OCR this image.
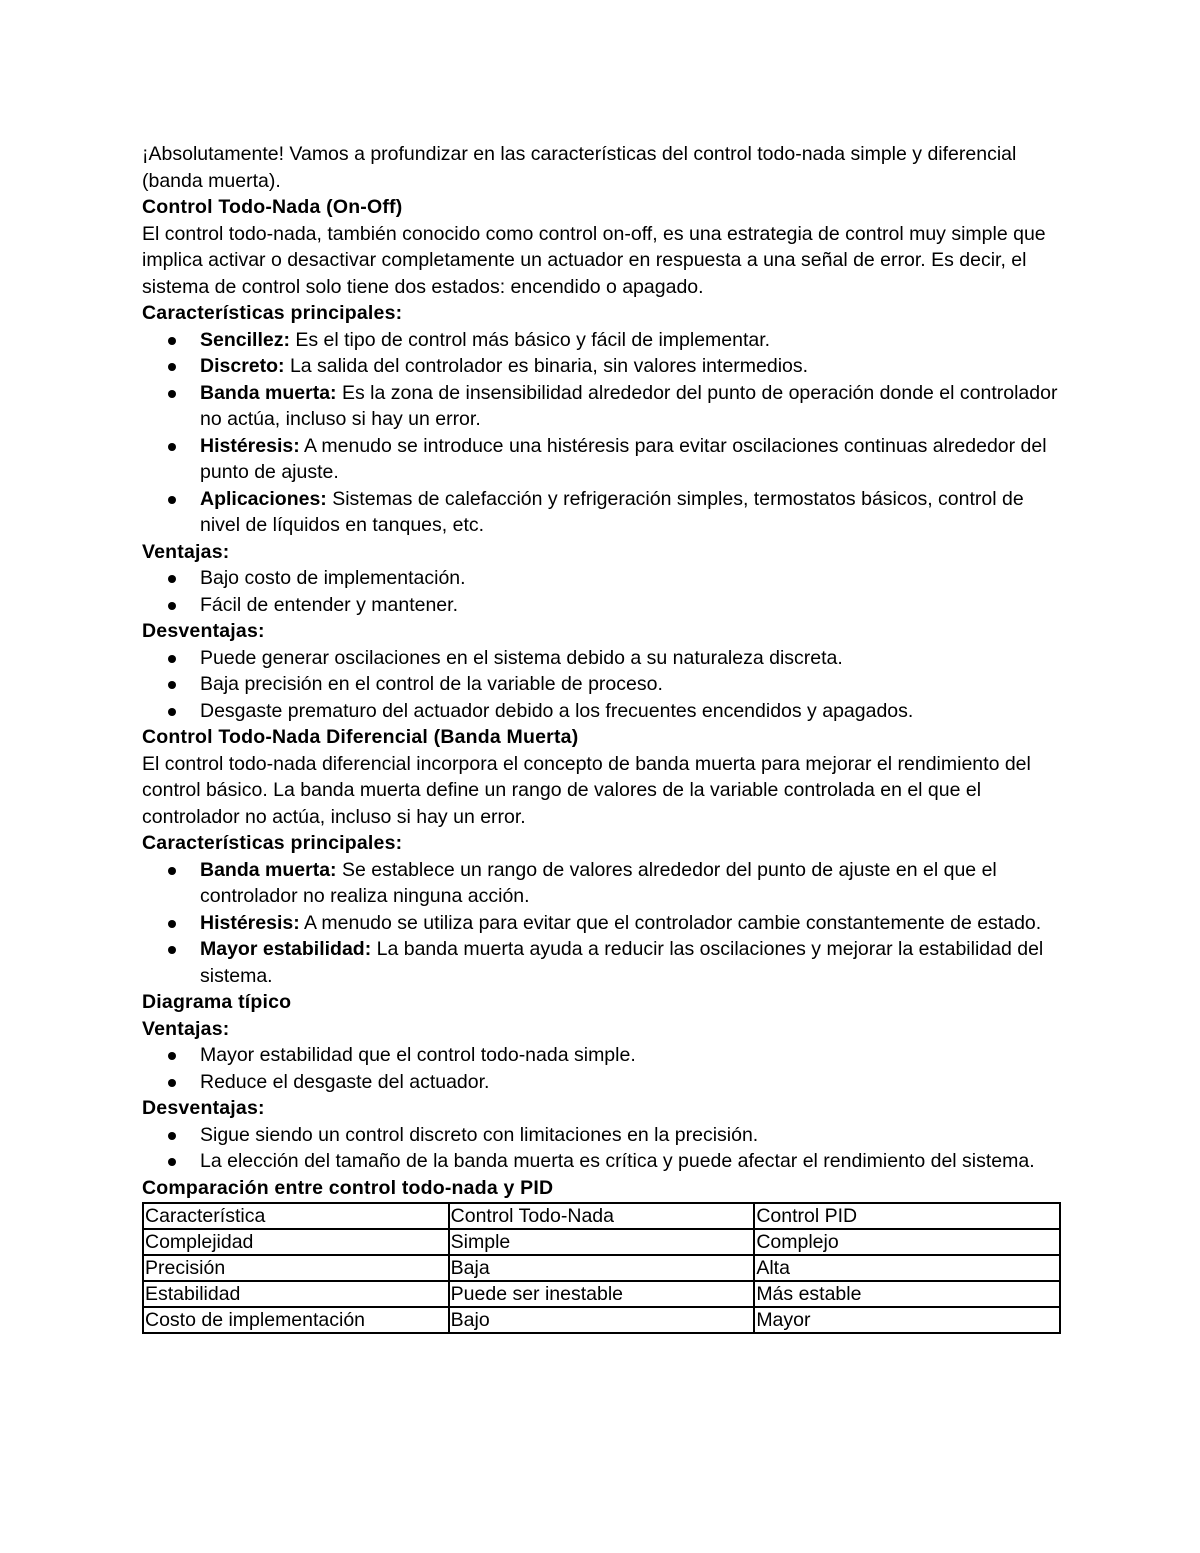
¡Absolutamente! Vamos a profundizar en las características del control todo-nada simple y diferencial (banda muerta).

Control Todo-Nada (On-Off)

El control todo-nada, también conocido como control on-off, es una estrategia de control muy simple que implica activar o desactivar completamente un actuador en respuesta a una señal de error. Es decir, el sistema de control solo tiene dos estados: encendido o apagado.

Características principales:

Sencillez: Es el tipo de control más básico y fácil de implementar.
Discreto: La salida del controlador es binaria, sin valores intermedios.
Banda muerta: Es la zona de insensibilidad alrededor del punto de operación donde el controlador no actúa, incluso si hay un error.
Histéresis: A menudo se introduce una histéresis para evitar oscilaciones continuas alrededor del punto de ajuste.
Aplicaciones: Sistemas de calefacción y refrigeración simples, termostatos básicos, control de nivel de líquidos en tanques, etc.

Ventajas:

Bajo costo de implementación.
Fácil de entender y mantener.

Desventajas:

Puede generar oscilaciones en el sistema debido a su naturaleza discreta.
Baja precisión en el control de la variable de proceso.
Desgaste prematuro del actuador debido a los frecuentes encendidos y apagados.

Control Todo-Nada Diferencial (Banda Muerta)

El control todo-nada diferencial incorpora el concepto de banda muerta para mejorar el rendimiento del control básico. La banda muerta define un rango de valores de la variable controlada en el que el controlador no actúa, incluso si hay un error.

Características principales:

Banda muerta: Se establece un rango de valores alrededor del punto de ajuste en el que el controlador no realiza ninguna acción.
Histéresis: A menudo se utiliza para evitar que el controlador cambie constantemente de estado.
Mayor estabilidad: La banda muerta ayuda a reducir las oscilaciones y mejorar la estabilidad del sistema.

Diagrama típico

Ventajas:

Mayor estabilidad que el control todo-nada simple.
Reduce el desgaste del actuador.

Desventajas:

Sigue siendo un control discreto con limitaciones en la precisión.
La elección del tamaño de la banda muerta es crítica y puede afectar el rendimiento del sistema.

Comparación entre control todo-nada y PID

Característica	Control Todo-Nada	Control PID
Complejidad	Simple	Complejo
Precisión	Baja	Alta
Estabilidad	Puede ser inestable	Más estable
Costo de implementación	Bajo	Mayor
